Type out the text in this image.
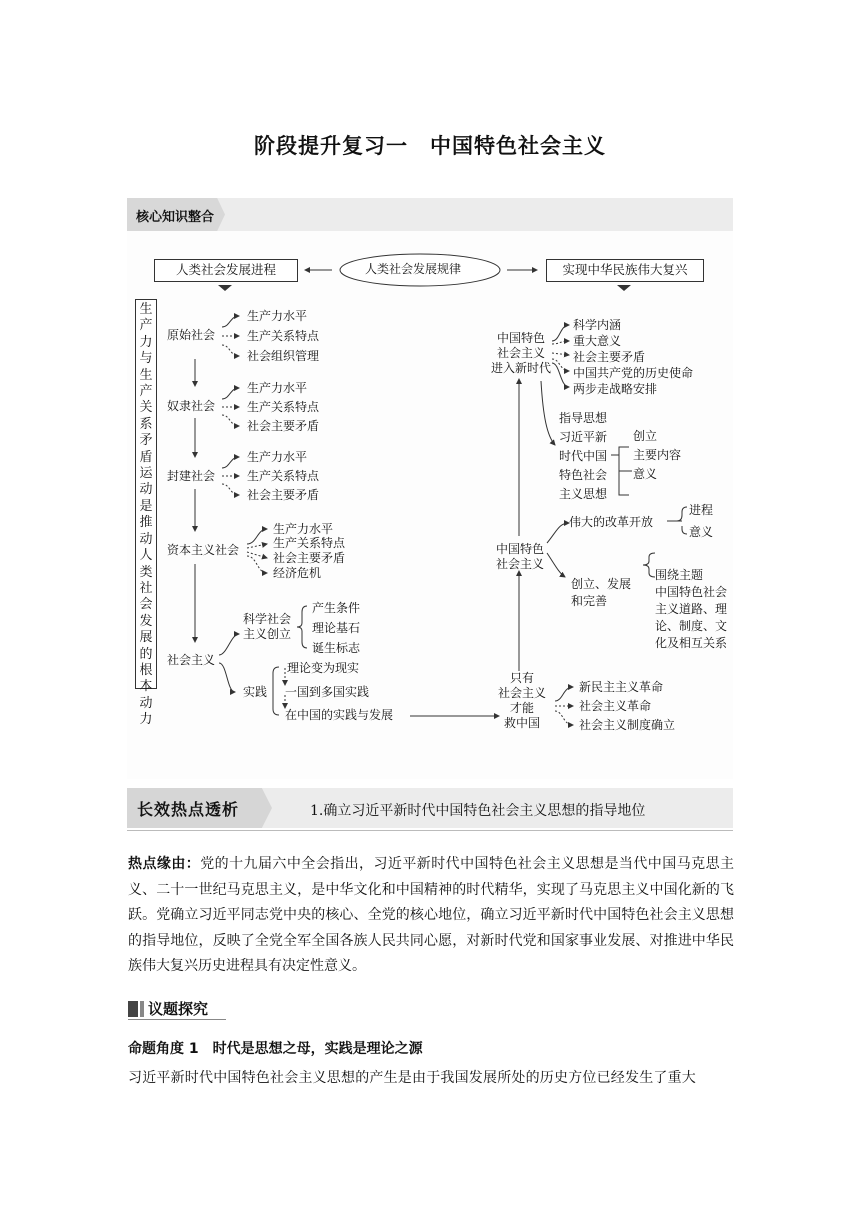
阶段提升复习一 中国特色社会主义
核心知识整合
人类社会发展进程	人类社会发展规律	实现中华民族伟大复兴
生产力与生产关系矛盾运动是推动人类社会发展的根本动力
原始社会
生产力水平
生产关系特点
社会组织管理
奴隶社会
生产力水平
生产关系特点
社会主要矛盾
封建社会
生产力水平
生产关系特点
社会主要矛盾
资本主义社会
生产力水平
生产关系特点
社会主要矛盾
经济危机
社会主义
科学社会
主义创立
产生条件
理论基石
诞生标志
实践
理论变为现实
一国到多国实践
在中国的实践与发展
中国特色
社会主义
进入新时代
科学内涵
重大意义
社会主要矛盾
中国共产党的历史使命
两步走战略安排
指导思想
习近平新
时代中国
特色社会
主义思想
创立
主要内容
意义
中国特色
社会主义
伟大的改革开放
进程
意义
创立、发展
和完善
围绕主题
中国特色社会
主义道路、理
论、制度、文
化及相互关系
只有
社会主义
才能
救中国
新民主主义革命
社会主义革命
社会主义制度确立
长效热点透析	1.确立习近平新时代中国特色社会主义思想的指导地位
热点缘由：党的十九届六中全会指出，习近平新时代中国特色社会主义思想是当代中国马克思主义、二十一世纪马克思主义，是中华文化和中国精神的时代精华，实现了马克思主义中国化新的飞跃。党确立习近平同志党中央的核心、全党的核心地位，确立习近平新时代中国特色社会主义思想的指导地位，反映了全党全军全国各族人民共同心愿，对新时代党和国家事业发展、对推进中华民族伟大复兴历史进程具有决定性意义。
议题探究
命题角度 1 时代是思想之母，实践是理论之源
习近平新时代中国特色社会主义思想的产生是由于我国发展所处的历史方位已经发生了重大
